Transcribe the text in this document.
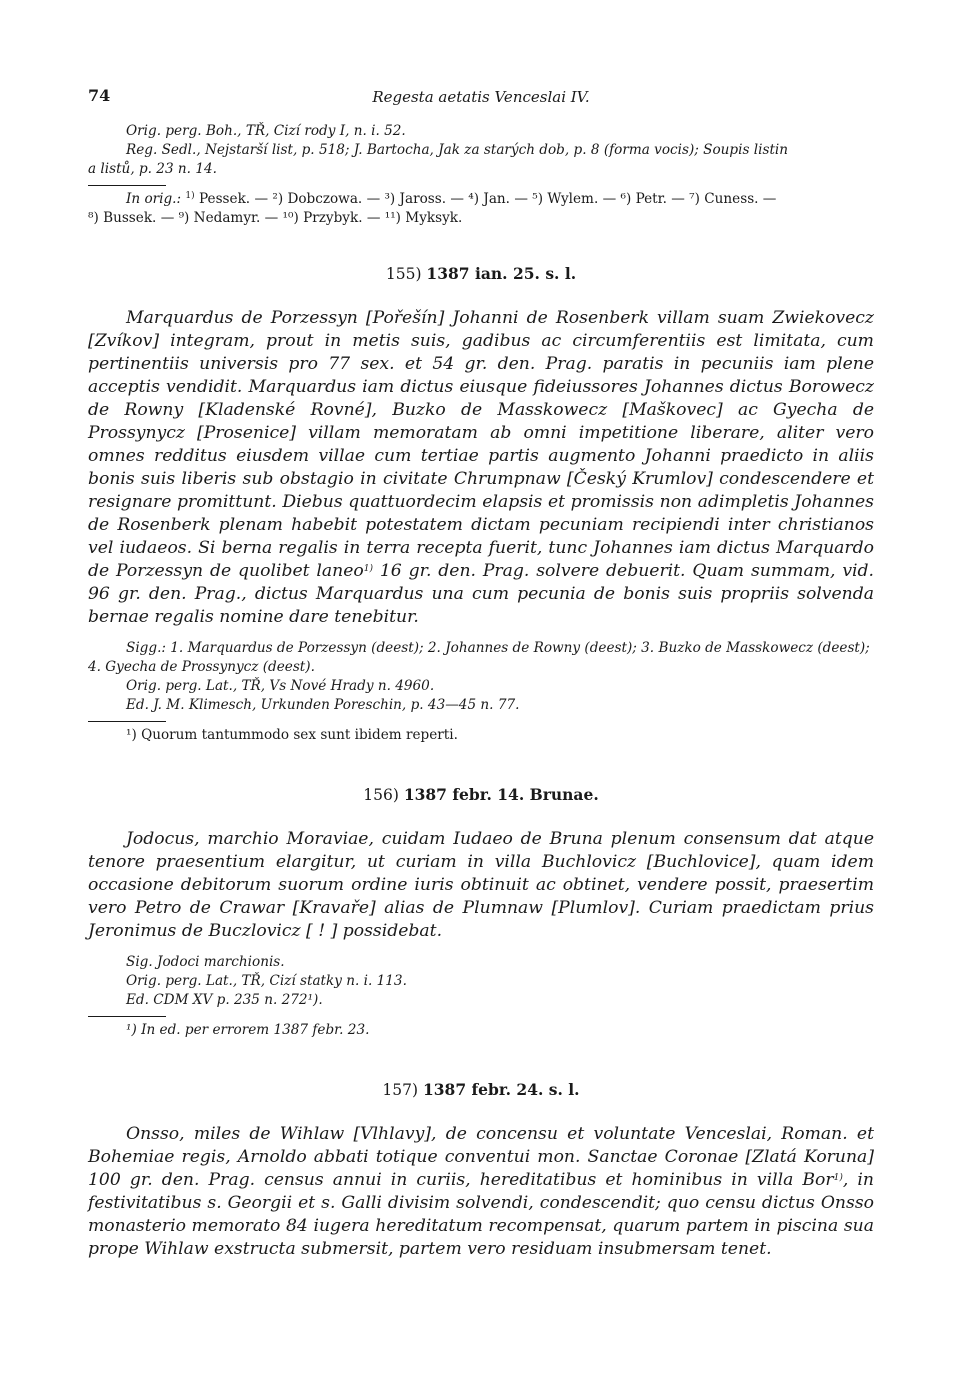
74	Regesta aetatis Venceslai IV.

Orig. perg. Boh., TŘ, Cizí rody I, n. i. 52.

Reg. Sedl., Nejstarší list, p. 518; J. Bartocha, Jak za starých dob, p. 8 (forma vocis); Soupis listin

a listů, p. 23 n. 14.

In orig.: $^{1)}$ Pessek. — ²) Dobczowa. — ³) Jaross. — ⁴) Jan. — ⁵) Wylem. — ⁶) Petr. — ⁷) Cuness. —

⁸) Bussek. — ⁹) Nedamyr. — ¹⁰) Przybyk. — ¹¹) Myksyk.

155) 1387 ian. 25. s. l.

Marquardus de Porzessyn [Pořešín] Johanni de Rosenberk villam suam Zwiekovecz [Zvíkov] integram, prout in metis suis, gadibus ac circumferentiis est limitata, cum pertinentiis universis pro 77 sex. et 54 gr. den. Prag. paratis in pecuniis iam plene acceptis vendidit. Marquardus iam dictus eiusque fideiussores Johannes dictus Borowecz de Rowny [Kladenské Rovné], Buzko de Masskowecz [Maškovec] ac Gyecha de Prossynycz [Prosenice] villam memoratam ab omni impetitione liberare, aliter vero omnes redditus eiusdem villae cum tertiae partis augmento Johanni praedicto in aliis bonis suis liberis sub obstagio in civitate Chrumpnaw [Český Krumlov] condescendere et resignare promittunt. Diebus quattuordecim elapsis et promissis non adimpletis Johannes de Rosenberk plenam habebit potestatem dictam pecuniam recipiendi inter christianos vel iudaeos. Si berna regalis in terra recepta fuerit, tunc Johannes iam dictus Marquardo de Porzessyn de quolibet laneo$^{1)}$ 16 gr. den. Prag. solvere debuerit. Quam summam, vid. 96 gr. den. Prag., dictus Marquardus una cum pecunia de bonis suis propriis solvenda bernae regalis nomine dare tenebitur.

Sigg.: 1. Marquardus de Porzessyn (deest); 2. Johannes de Rowny (deest); 3. Buzko de Masskowecz (deest); 4. Gyecha de Prossynycz (deest).

Orig. perg. Lat., TŘ, Vs Nové Hrady n. 4960.

Ed. J. M. Klimesch, Urkunden Poreschin, p. 43—45 n. 77.

¹) Quorum tantummodo sex sunt ibidem reperti.

156) 1387 febr. 14. Brunae.

Jodocus, marchio Moraviae, cuidam Iudaeo de Bruna plenum consensum dat atque tenore praesentium elargitur, ut curiam in villa Buchlovicz [Buchlovice], quam idem occasione debitorum suorum ordine iuris obtinuit ac obtinet, vendere possit, praesertim vero Petro de Crawar [Kravaře] alias de Plumnaw [Plumlov]. Curiam praedictam prius Jeronimus de Buczlovicz [ ! ] possidebat.

Sig. Jodoci marchionis.

Orig. perg. Lat., TŘ, Cizí statky n. i. 113.

Ed. CDM XV p. 235 n. 272¹).

¹) In ed. per errorem 1387 febr. 23.

157) 1387 febr. 24. s. l.

Onsso, miles de Wihlaw [Vlhlavy], de concensu et voluntate Venceslai, Roman. et Bohemiae regis, Arnoldo abbati totique conventui mon. Sanctae Coronae [Zlatá Koruna] 100 gr. den. Prag. census annui in curiis, hereditatibus et hominibus in villa Bor$^{1)}$, in festivitatibus s. Georgii et s. Galli divisim solvendi, condescendit; quo censu dictus Onsso monasterio memorato 84 iugera hereditatum recompensat, quarum partem in piscina sua prope Wihlaw exstructa submersit, partem vero residuam insubmersam tenet.
